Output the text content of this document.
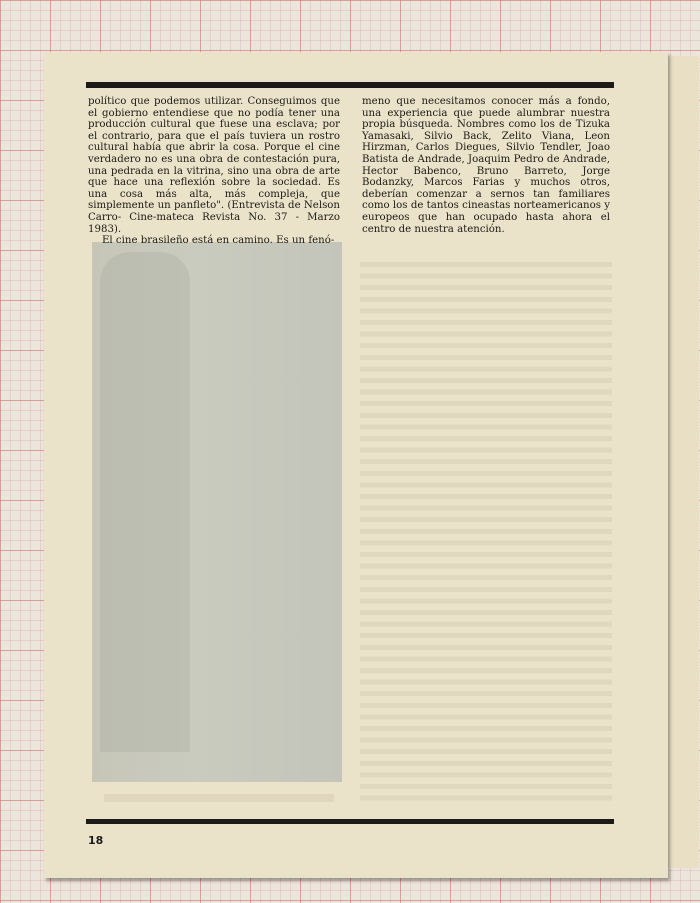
político que podemos utilizar. Conseguimos que el gobierno entendiese que no podía tener una producción cultural que fuese una esclava; por el contrario, para que el país tuviera un rostro cultural había que abrir la cosa. Porque el cine verdadero no es una obra de contestación pura, una pedrada en la vitrina, sino una obra de arte que hace una reflexión sobre la sociedad. Es una cosa más alta, más compleja, que simplemente un panfleto". (Entrevista de Nelson Carro- Cine-mateca Revista No. 37 - Marzo 1983).

El cine brasileño está en camino. Es un fenó-

meno que necesitamos conocer más a fondo, una experiencia que puede alumbrar nuestra propia búsqueda. Nombres como los de Tizuka Yamasaki, Silvio Back, Zelito Viana, Leon Hirzman, Carlos Diegues, Silvio Tendler, Joao Batista de Andrade, Joaquim Pedro de Andrade, Hector Babenco, Bruno Barreto, Jorge Bodanzky, Marcos Farias y muchos otros, deberían comenzar a sernos tan familiares como los de tantos cineastas norteamericanos y europeos que han ocupado hasta ahora el centro de nuestra atención.

18
